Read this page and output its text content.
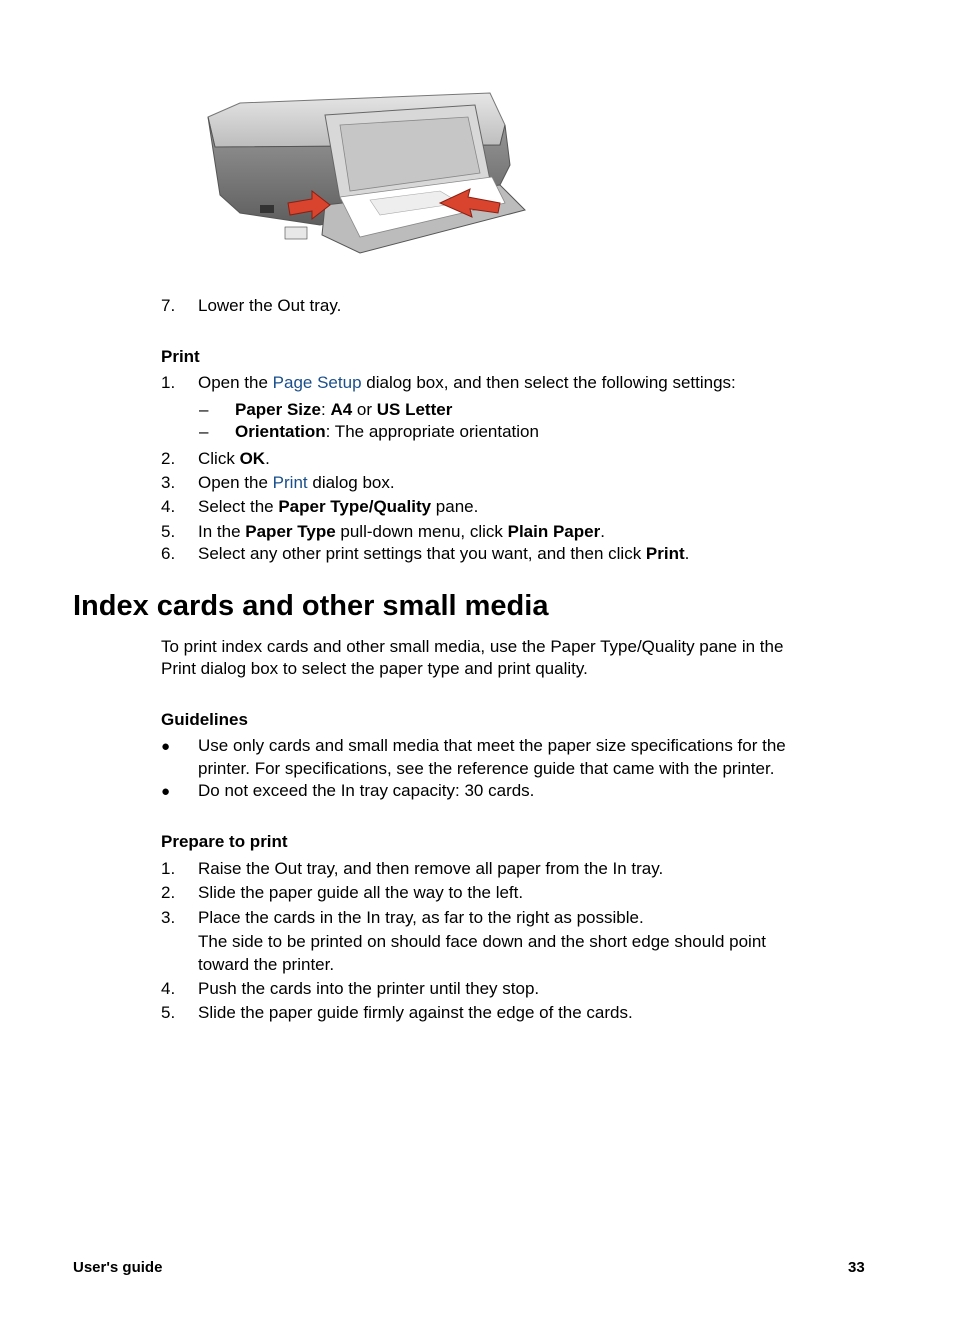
7. Lower the Out tray.
Print
1. Open the Page Setup dialog box, and then select the following settings:
– Paper Size: A4 or US Letter
– Orientation: The appropriate orientation
2. Click OK.
3. Open the Print dialog box.
4. Select the Paper Type/Quality pane.
5. In the Paper Type pull-down menu, click Plain Paper.
6. Select any other print settings that you want, and then click Print.
Index cards and other small media
To print index cards and other small media, use the Paper Type/Quality pane in the
Print dialog box to select the paper type and print quality.
Guidelines
● Use only cards and small media that meet the paper size specifications for the
printer. For specifications, see the reference guide that came with the printer.
● Do not exceed the In tray capacity: 30 cards.
Prepare to print
1. Raise the Out tray, and then remove all paper from the In tray.
2. Slide the paper guide all the way to the left.
3. Place the cards in the In tray, as far to the right as possible.
The side to be printed on should face down and the short edge should point
toward the printer.
4. Push the cards into the printer until they stop.
5. Slide the paper guide firmly against the edge of the cards.
User's guide	33
